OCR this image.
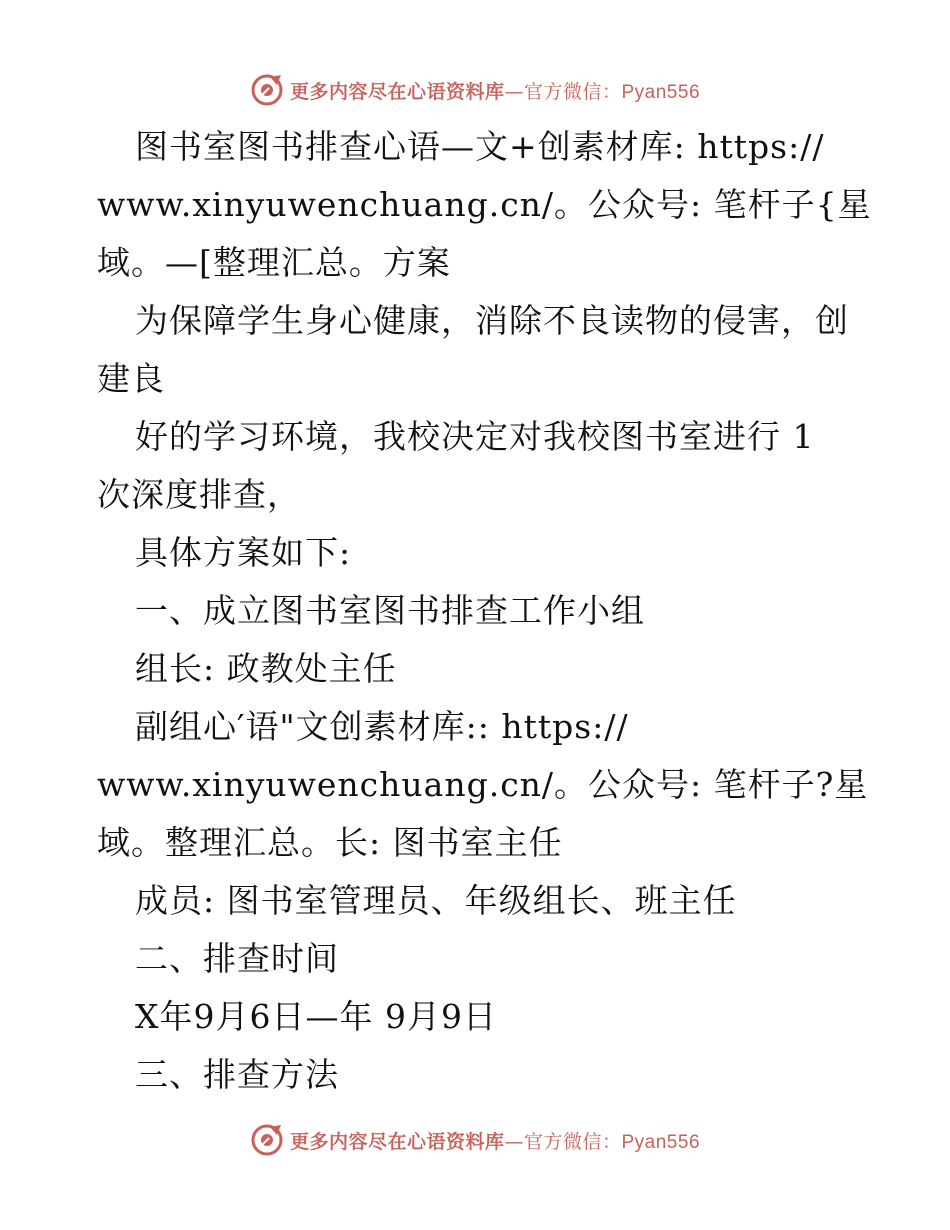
更多内容尽在心语资料库—官方微信：Pyan556
图书室图书排查心语—文+创素材库: https://
www.xinyuwenchuang.cn/。公众号: 笔杆子{星
域。—[整理汇总。方案
为保障学生身心健康，消除不良读物的侵害，创
建良
好的学习环境，我校决定对我校图书室进行 1
次深度排查，
具体方案如下:
一、成立图书室图书排查工作小组
组长: 政教处主任
副组心′语"文创素材库:: https://
www.xinyuwenchuang.cn/。公众号: 笔杆子?星
域。整理汇总。长: 图书室主任
成员: 图书室管理员、年级组长、班主任
二、排查时间
X年9月6日—年 9月9日
三、排查方法
更多内容尽在心语资料库—官方微信：Pyan556
